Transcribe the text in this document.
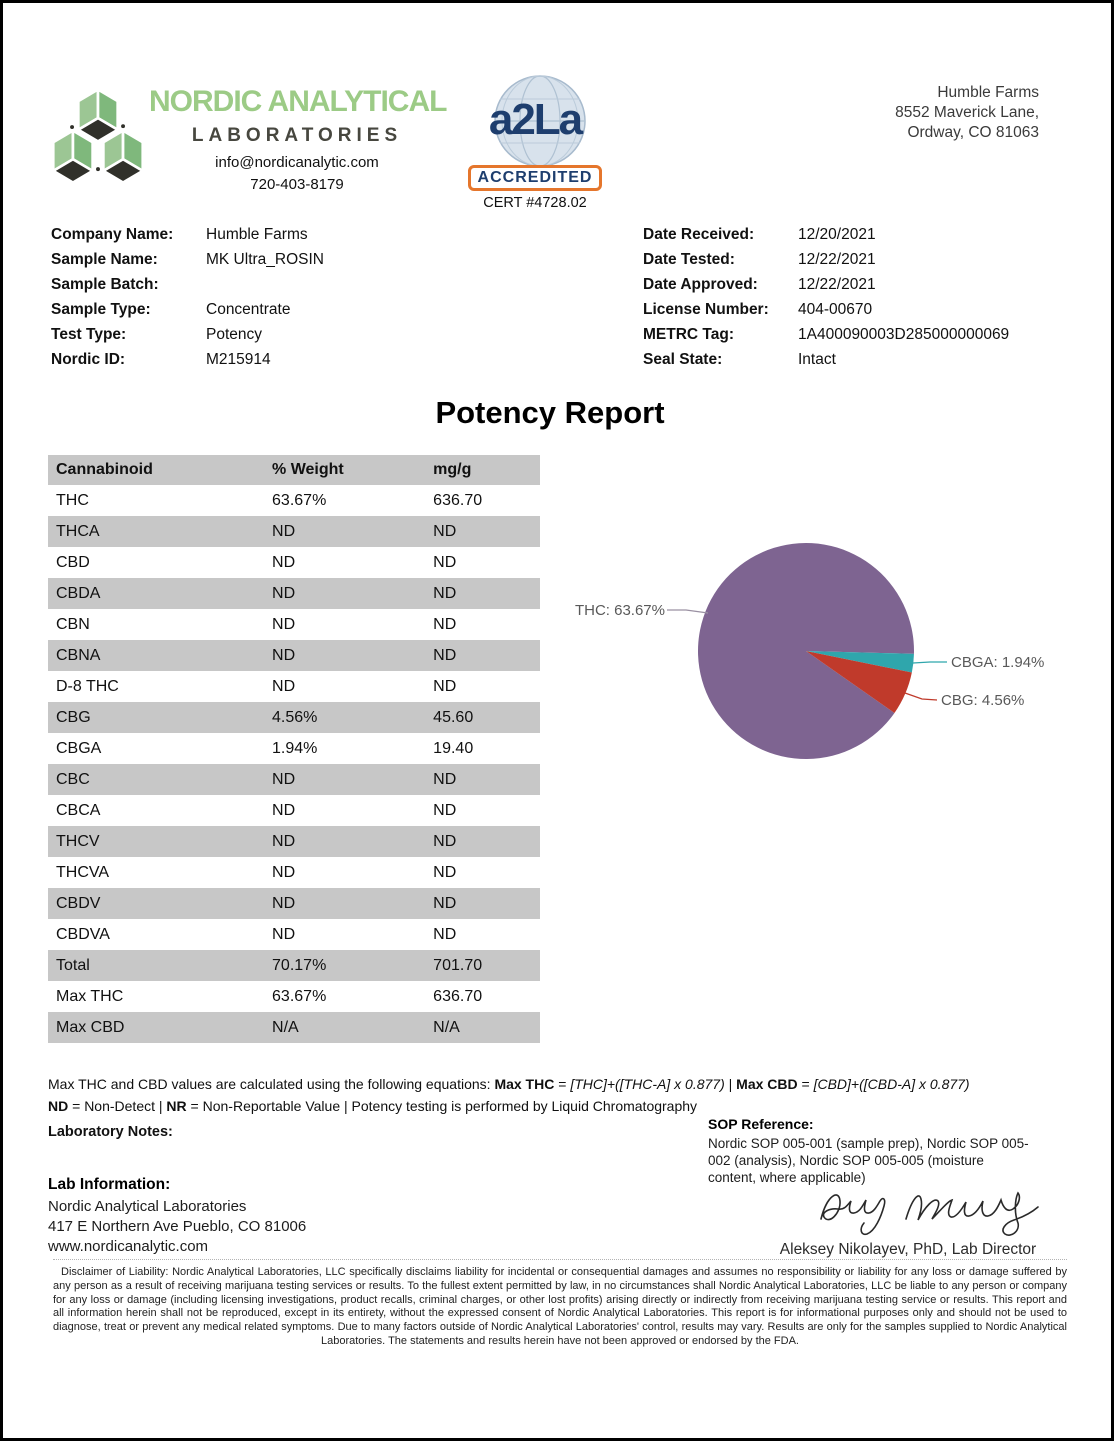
NORDIC ANALYTICAL
LABORATORIES
info@nordicanalytic.com
720-403-8179
a2La
ACCREDITED
CERT #4728.02
Humble Farms
8552 Maverick Lane,
Ordway, CO 81063
Company Name:	Humble Farms
Sample Name:	MK Ultra_ROSIN
Sample Batch:
Sample Type:	Concentrate
Test Type:	Potency
Nordic ID:	M215914
Date Received:	12/20/2021
Date Tested:	12/22/2021
Date Approved:	12/22/2021
License Number:	404-00670
METRC Tag:	1A400090003D285000000069
Seal State:	Intact
Potency Report
Cannabinoid	% Weight	mg/g
THC	63.67%	636.70
THCA	ND	ND
CBD	ND	ND
CBDA	ND	ND
CBN	ND	ND
CBNA	ND	ND
D-8 THC	ND	ND
CBG	4.56%	45.60
CBGA	1.94%	19.40
CBC	ND	ND
CBCA	ND	ND
THCV	ND	ND
THCVA	ND	ND
CBDV	ND	ND
CBDVA	ND	ND
Total	70.17%	701.70
Max THC	63.67%	636.70
Max CBD	N/A	N/A
THC: 63.67%
CBGA: 1.94%
CBG: 4.56%
Max THC and CBD values are calculated using the following equations: Max THC = [THC]+([THC-A] x 0.877) | Max CBD = [CBD]+([CBD-A] x 0.877)
ND = Non-Detect | NR = Non-Reportable Value | Potency testing is performed by Liquid Chromatography
Laboratory Notes:	SOP Reference:
Nordic SOP 005-001 (sample prep), Nordic SOP 005-002 (analysis), Nordic SOP 005-005 (moisture content, where applicable)
Lab Information:
Nordic Analytical Laboratories
417 E Northern Ave Pueblo, CO 81006
www.nordicanalytic.com	Aleksey Nikolayev, PhD, Lab Director
Disclaimer of Liability: Nordic Analytical Laboratories, LLC specifically disclaims liability for incidental or consequential damages and assumes no responsibility or liability for any loss or damage suffered by any person as a result of receiving marijuana testing services or results. To the fullest extent permitted by law, in no circumstances shall Nordic Analytical Laboratories, LLC be liable to any person or company for any loss or damage (including licensing investigations, product recalls, criminal charges, or other lost profits) arising directly or indirectly from receiving marijuana testing service or results. This report and all information herein shall not be reproduced, except in its entirety, without the expressed consent of Nordic Analytical Laboratories. This report is for informational purposes only and should not be used to diagnose, treat or prevent any medical related symptoms. Due to many factors outside of Nordic Analytical Laboratories' control, results may vary. Results are only for the samples supplied to Nordic Analytical Laboratories. The statements and results herein have not been approved or endorsed by the FDA.
